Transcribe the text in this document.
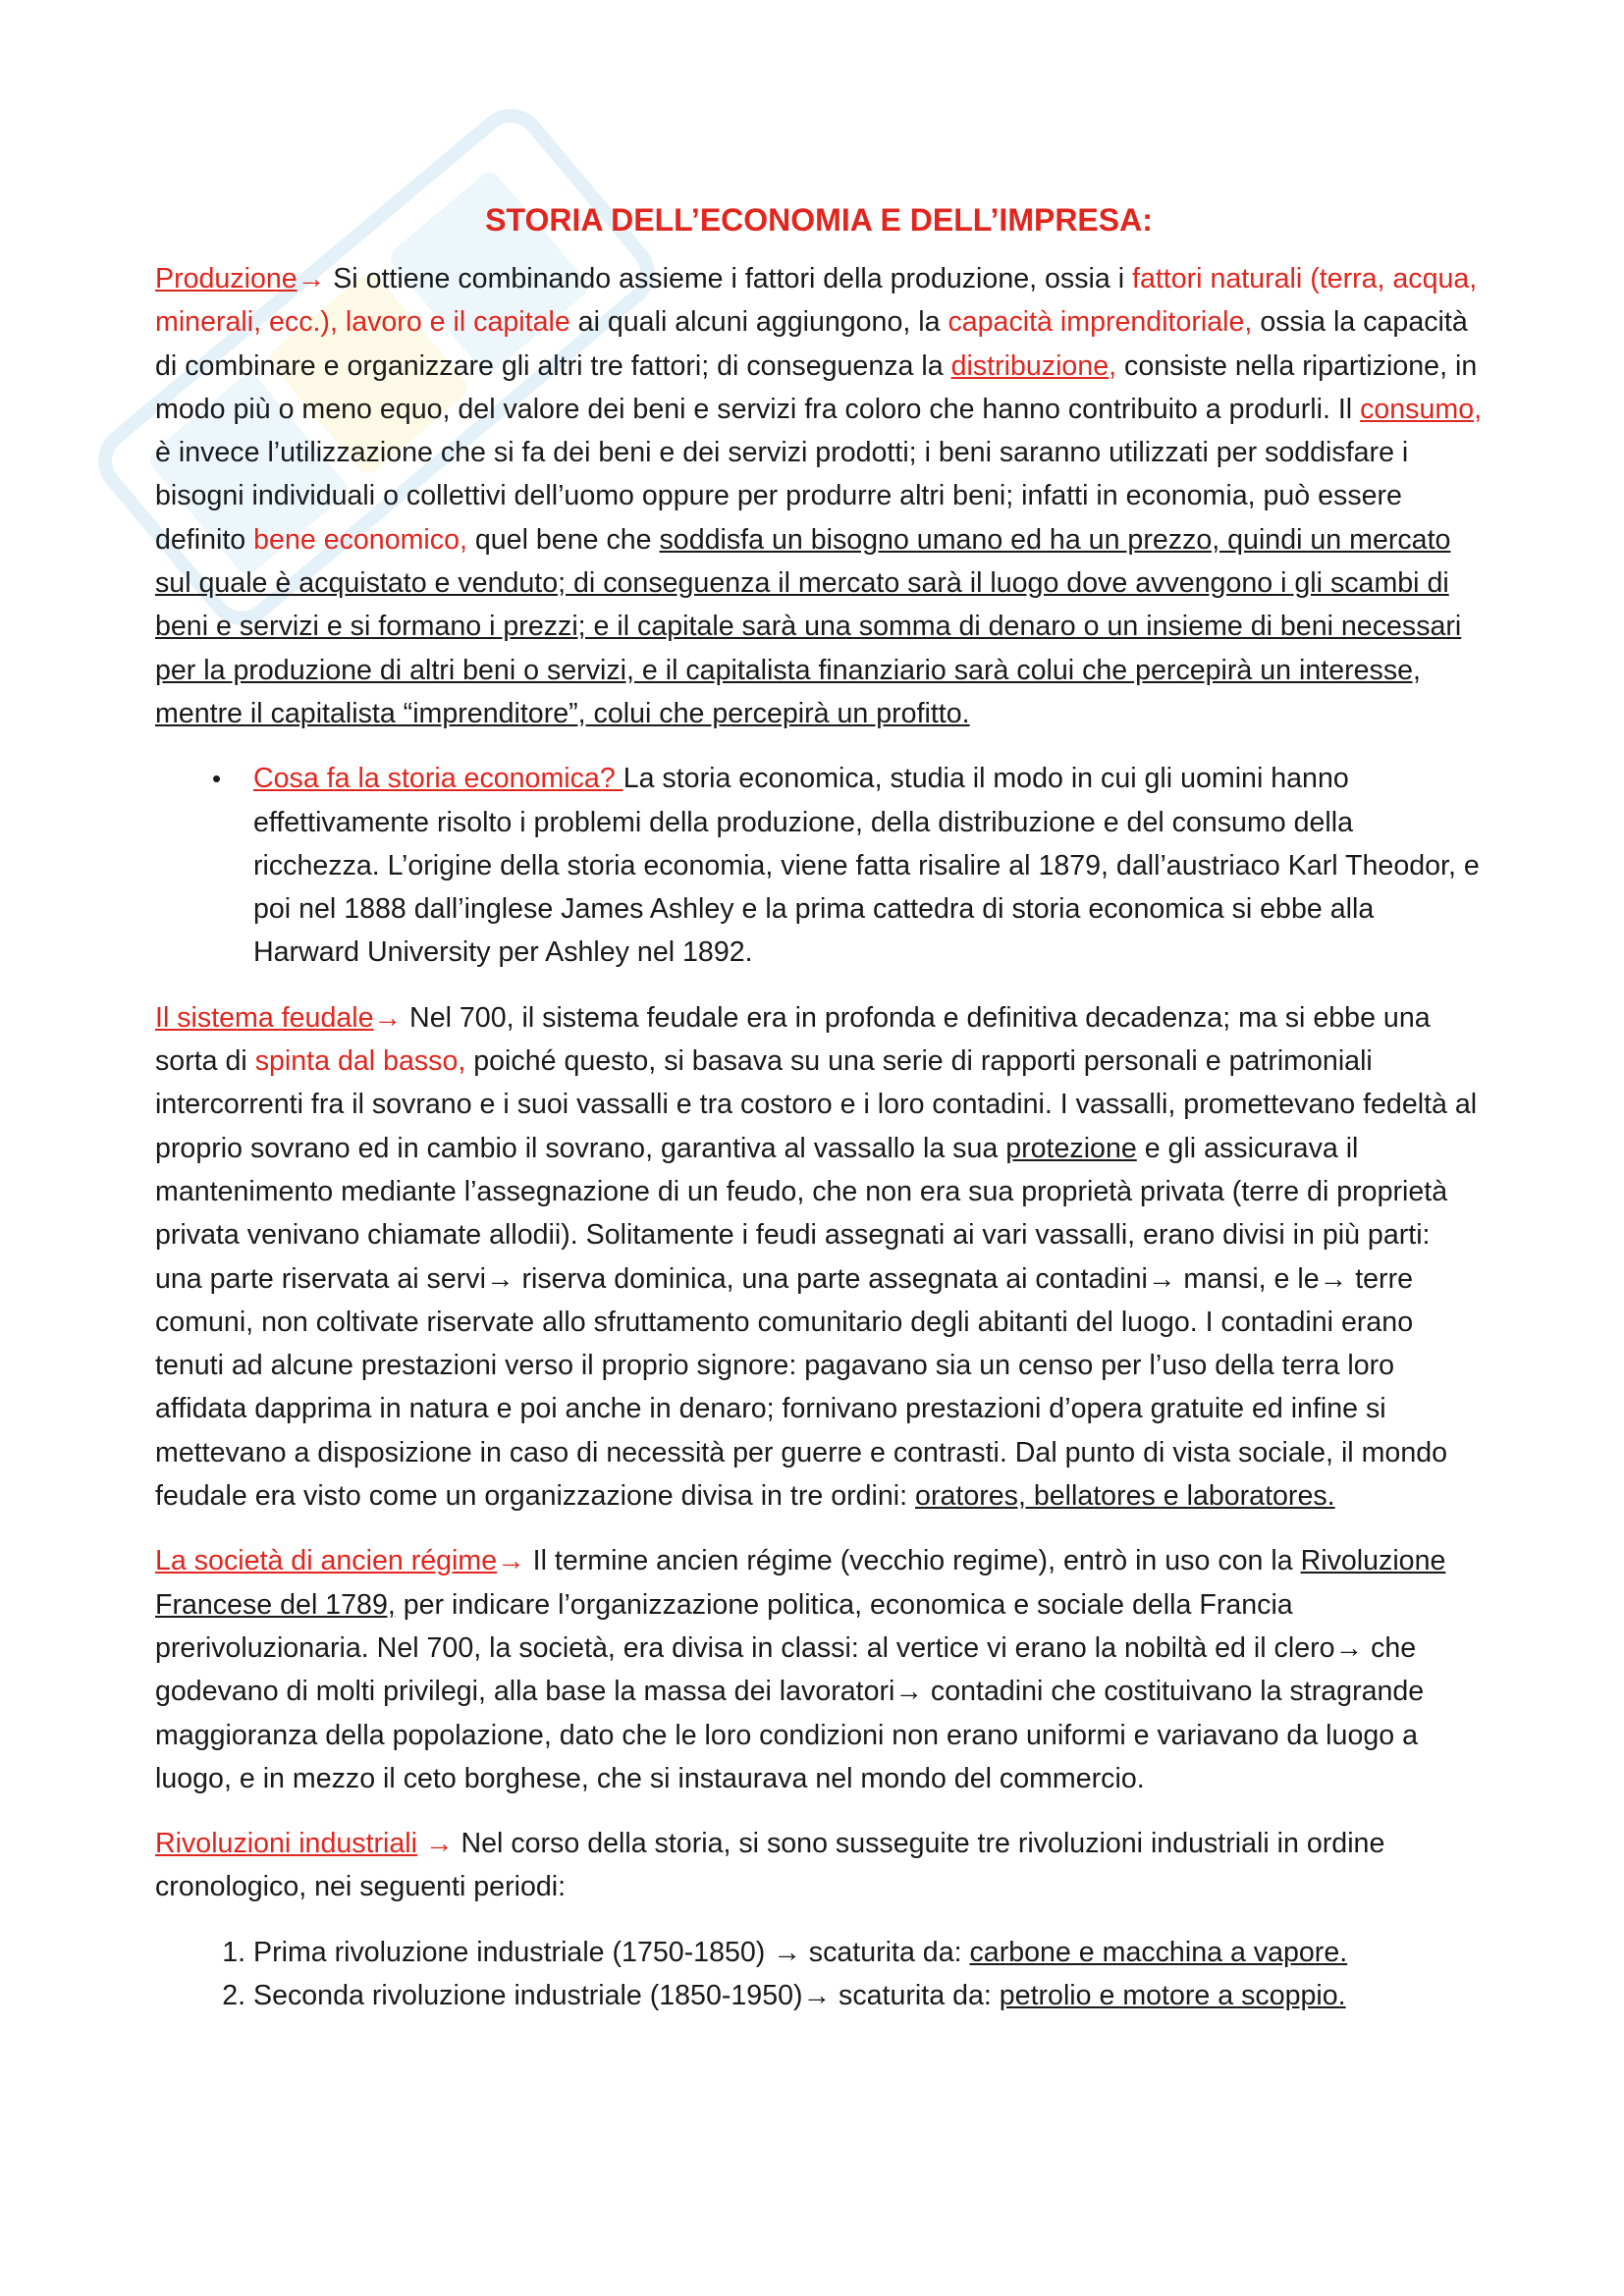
STORIA DELL’ECONOMIA E DELL’IMPRESA:

Produzione→ Si ottiene combinando assieme i fattori della produzione, ossia i fattori naturali (terra, acqua, minerali, ecc.), lavoro e il capitale ai quali alcuni aggiungono, la capacità imprenditoriale, ossia la capacità di combinare e organizzare gli altri tre fattori; di conseguenza la distribuzione, consiste nella ripartizione, in modo più o meno equo, del valore dei beni e servizi fra coloro che hanno contribuito a produrli. Il consumo, è invece l’utilizzazione che si fa dei beni e dei servizi prodotti; i beni saranno utilizzati per soddisfare i bisogni individuali o collettivi dell’uomo oppure per produrre altri beni; infatti in economia, può essere definito bene economico, quel bene che soddisfa un bisogno umano ed ha un prezzo, quindi un mercato sul quale è acquistato e venduto; di conseguenza il mercato sarà il luogo dove avvengono i gli scambi di beni e servizi e si formano i prezzi; e il capitale sarà una somma di denaro o un insieme di beni necessari per la produzione di altri beni o servizi, e il capitalista finanziario sarà colui che percepirà un interesse, mentre il capitalista “imprenditore”, colui che percepirà un profitto.

• Cosa fa la storia economica? La storia economica, studia il modo in cui gli uomini hanno effettivamente risolto i problemi della produzione, della distribuzione e del consumo della ricchezza. L’origine della storia economia, viene fatta risalire al 1879, dall’austriaco Karl Theodor, e poi nel 1888 dall’inglese James Ashley e la prima cattedra di storia economica si ebbe alla Harward University per Ashley nel 1892.

Il sistema feudale→ Nel 700, il sistema feudale era in profonda e definitiva decadenza; ma si ebbe una sorta di spinta dal basso, poiché questo, si basava su una serie di rapporti personali e patrimoniali intercorrenti fra il sovrano e i suoi vassalli e tra costoro e i loro contadini. I vassalli, promettevano fedeltà al proprio sovrano ed in cambio il sovrano, garantiva al vassallo la sua protezione e gli assicurava il mantenimento mediante l’assegnazione di un feudo, che non era sua proprietà privata (terre di proprietà privata venivano chiamate allodii). Solitamente i feudi assegnati ai vari vassalli, erano divisi in più parti: una parte riservata ai servi→ riserva dominica, una parte assegnata ai contadini→ mansi, e le→ terre comuni, non coltivate riservate allo sfruttamento comunitario degli abitanti del luogo. I contadini erano tenuti ad alcune prestazioni verso il proprio signore: pagavano sia un censo per l’uso della terra loro affidata dapprima in natura e poi anche in denaro; fornivano prestazioni d’opera gratuite ed infine si mettevano a disposizione in caso di necessità per guerre e contrasti. Dal punto di vista sociale, il mondo feudale era visto come un organizzazione divisa in tre ordini: oratores, bellatores e laboratores.

La società di ancien régime→ Il termine ancien régime (vecchio regime), entrò in uso con la Rivoluzione Francese del 1789, per indicare l’organizzazione politica, economica e sociale della Francia prerivoluzionaria. Nel 700, la società, era divisa in classi: al vertice vi erano la nobiltà ed il clero→ che godevano di molti privilegi, alla base la massa dei lavoratori→ contadini che costituivano la stragrande maggioranza della popolazione, dato che le loro condizioni non erano uniformi e variavano da luogo a luogo, e in mezzo il ceto borghese, che si instaurava nel mondo del commercio.

Rivoluzioni industriali → Nel corso della storia, si sono susseguite tre rivoluzioni industriali in ordine cronologico, nei seguenti periodi:

1. Prima rivoluzione industriale (1750-1850) → scaturita da: carbone e macchina a vapore.
2. Seconda rivoluzione industriale (1850-1950)→ scaturita da: petrolio e motore a scoppio.
